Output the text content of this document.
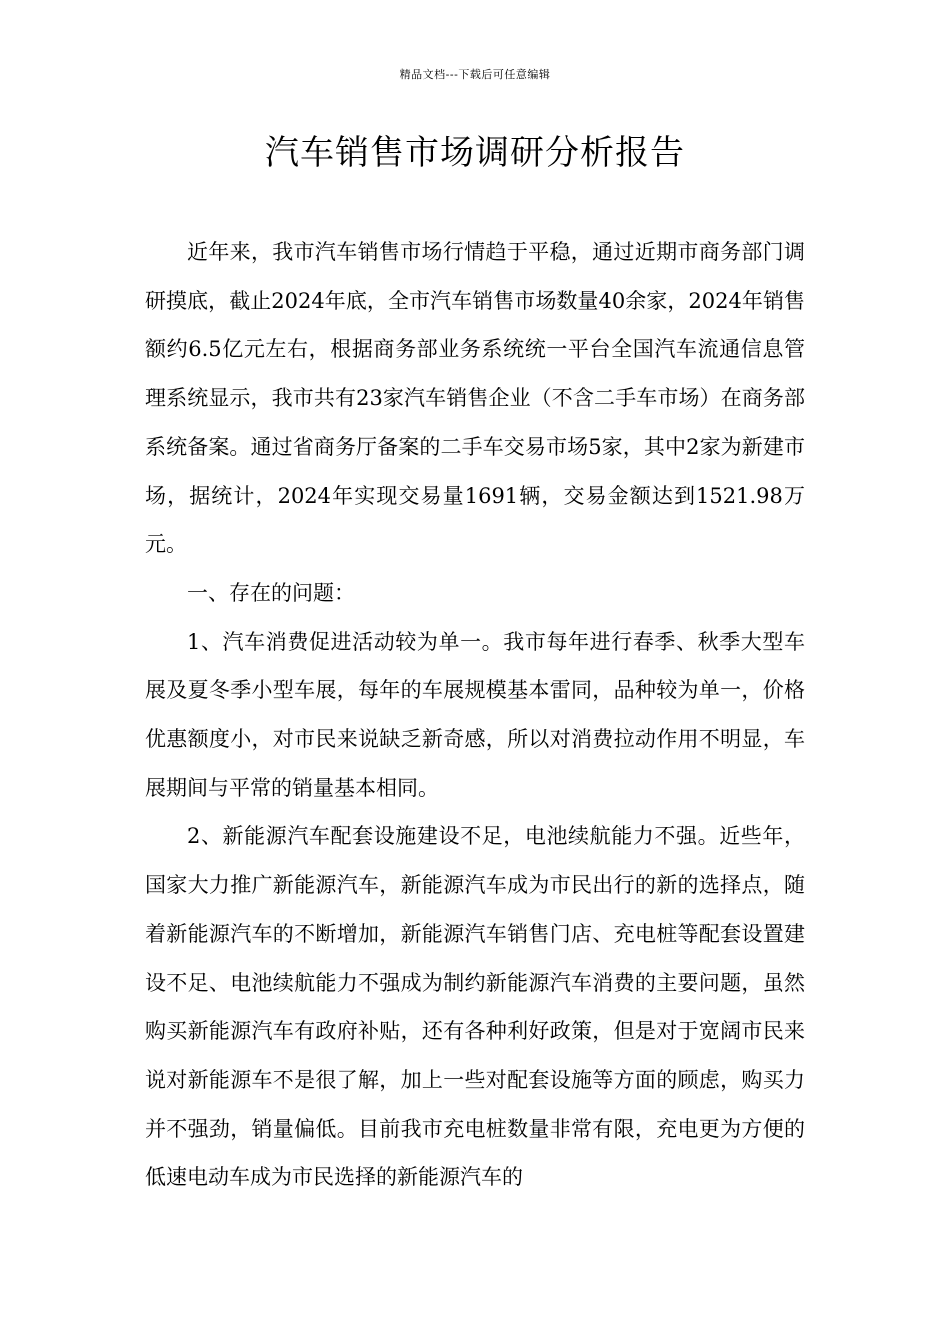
精品文档---下载后可任意编辑
汽车销售市场调研分析报告

近年来，我市汽车销售市场行情趋于平稳，通过近期市商务部门调研摸底，截止2024年底，全市汽车销售市场数量40余家，2024年销售额约6.5亿元左右，根据商务部业务系统统一平台全国汽车流通信息管理系统显示，我市共有23家汽车销售企业（不含二手车市场）在商务部系统备案。通过省商务厅备案的二手车交易市场5家，其中2家为新建市场，据统计，2024年实现交易量1691辆，交易金额达到1521.98万元。

一、存在的问题：

1、汽车消费促进活动较为单一。我市每年进行春季、秋季大型车展及夏冬季小型车展，每年的车展规模基本雷同，品种较为单一，价格优惠额度小，对市民来说缺乏新奇感，所以对消费拉动作用不明显，车展期间与平常的销量基本相同。

2、新能源汽车配套设施建设不足，电池续航能力不强。近些年，国家大力推广新能源汽车，新能源汽车成为市民出行的新的选择点，随着新能源汽车的不断增加，新能源汽车销售门店、充电桩等配套设置建设不足、电池续航能力不强成为制约新能源汽车消费的主要问题，虽然购买新能源汽车有政府补贴，还有各种利好政策，但是对于宽阔市民来说对新能源车不是很了解，加上一些对配套设施等方面的顾虑，购买力并不强劲，销量偏低。目前我市充电桩数量非常有限，充电更为方便的低速电动车成为市民选择的新能源汽车的
